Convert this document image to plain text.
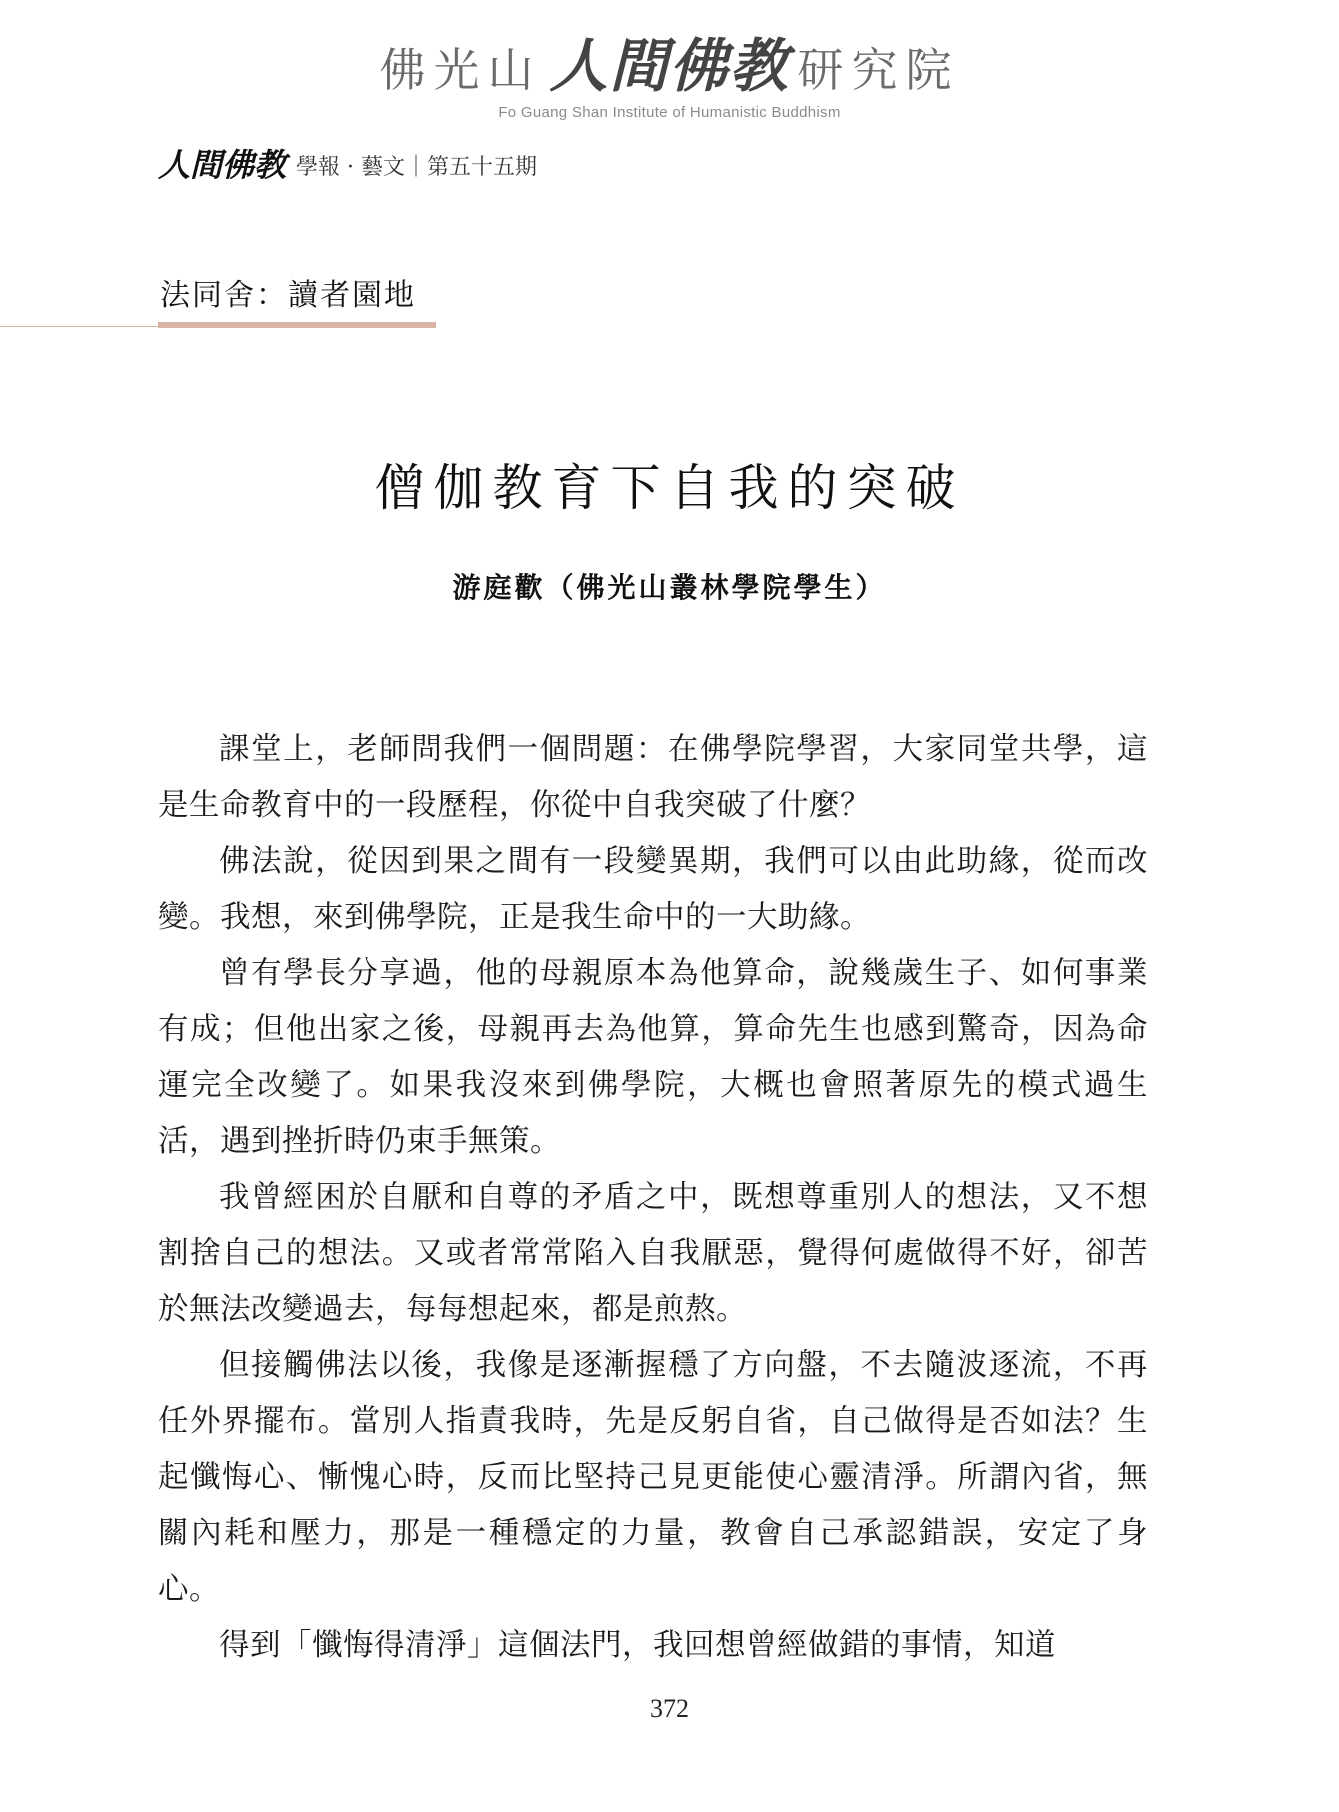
佛光山 人間佛教 研究院
Fo Guang Shan Institute of Humanistic Buddhism
人間佛教 學報 · 藝文｜第五十五期
法同舍：讀者園地
僧伽教育下自我的突破
游庭歡（佛光山叢林學院學生）

課堂上，老師問我們一個問題：在佛學院學習，大家同堂共學，這是生命教育中的一段歷程，你從中自我突破了什麼？

佛法說，從因到果之間有一段變異期，我們可以由此助緣，從而改變。我想，來到佛學院，正是我生命中的一大助緣。

曾有學長分享過，他的母親原本為他算命，說幾歲生子、如何事業有成；但他出家之後，母親再去為他算，算命先生也感到驚奇，因為命運完全改變了。如果我沒來到佛學院，大概也會照著原先的模式過生活，遇到挫折時仍束手無策。

我曾經困於自厭和自尊的矛盾之中，既想尊重別人的想法，又不想割捨自己的想法。又或者常常陷入自我厭惡，覺得何處做得不好，卻苦於無法改變過去，每每想起來，都是煎熬。

但接觸佛法以後，我像是逐漸握穩了方向盤，不去隨波逐流，不再任外界擺布。當別人指責我時，先是反躬自省，自己做得是否如法？生起懺悔心、慚愧心時，反而比堅持己見更能使心靈清淨。所謂內省，無關內耗和壓力，那是一種穩定的力量，教會自己承認錯誤，安定了身心。

得到「懺悔得清淨」這個法門，我回想曾經做錯的事情，知道

372
